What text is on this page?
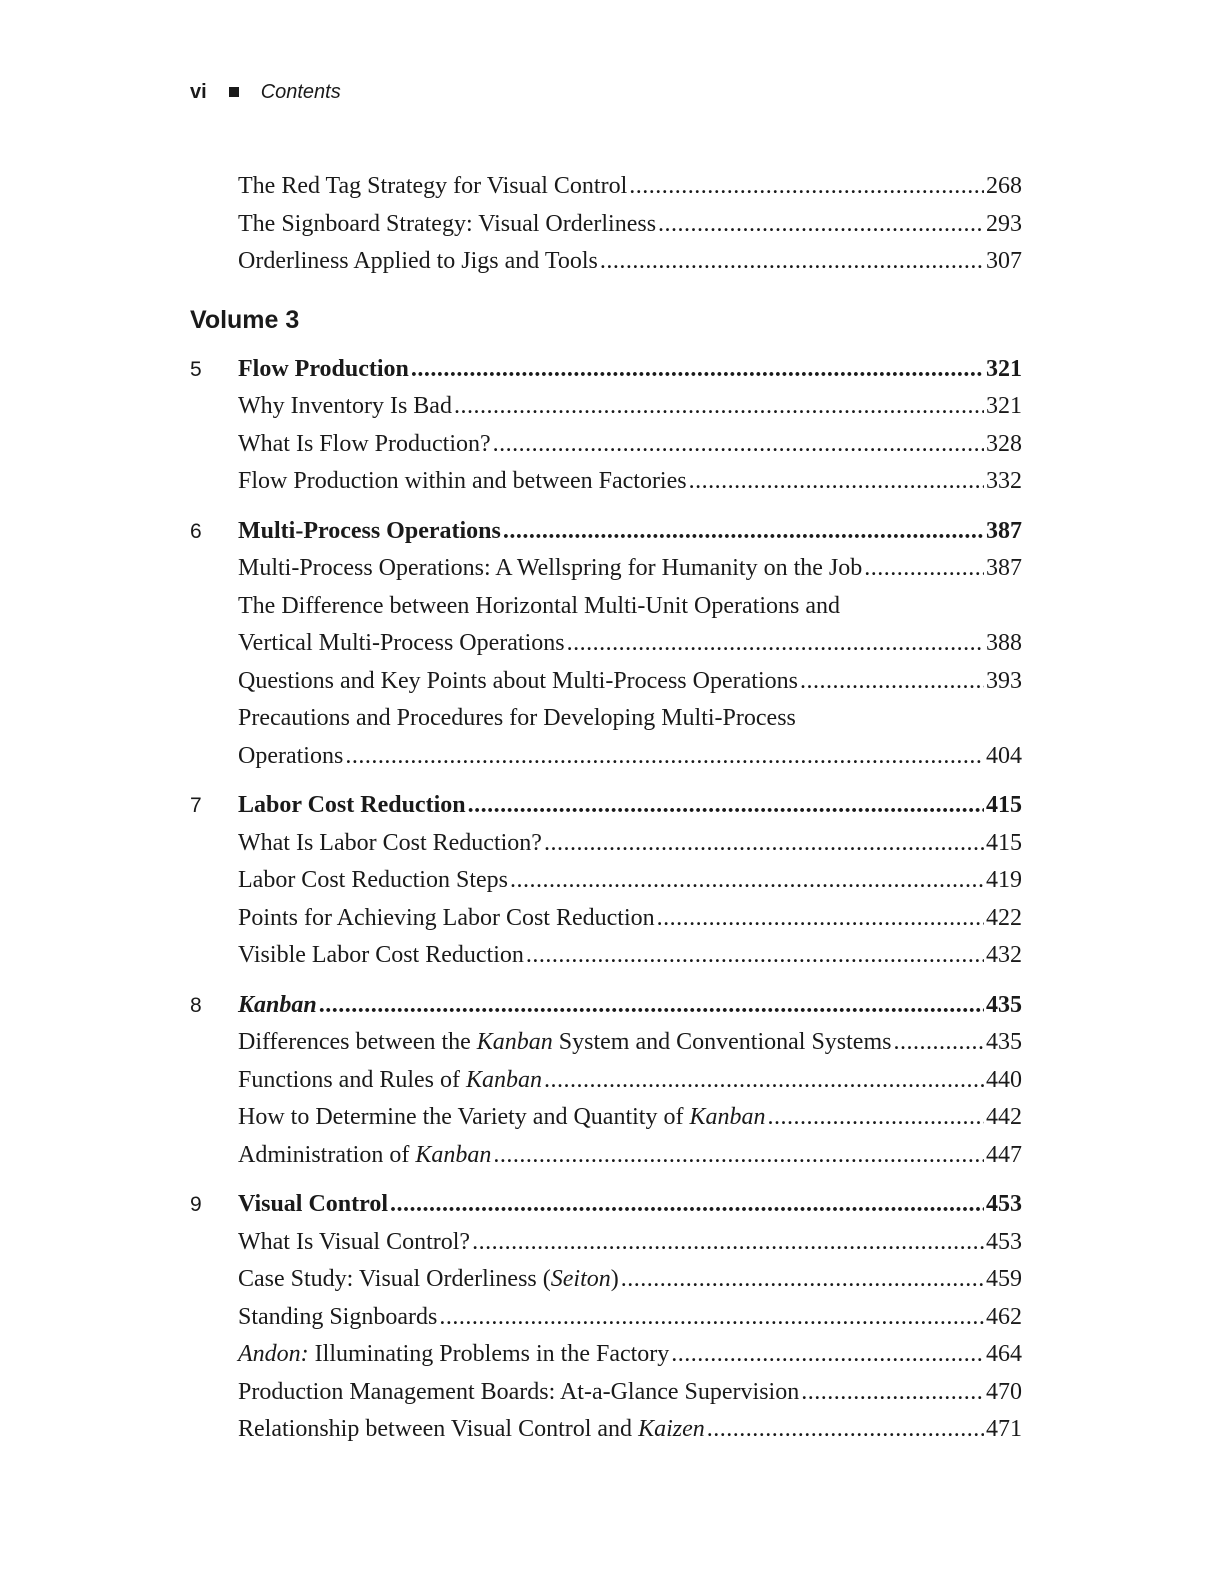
vi	Contents
The Red Tag Strategy for Visual Control .....	268
The Signboard Strategy: Visual Orderliness .....	293
Orderliness Applied to Jigs and Tools .....	307
Volume 3
5	Flow Production .....	321
Why Inventory Is Bad .....	321
What Is Flow Production? .....	328
Flow Production within and between Factories .....	332
6	Multi-Process Operations .....	387
Multi-Process Operations: A Wellspring for Humanity on the Job .....	387
The Difference between Horizontal Multi-Unit Operations and
Vertical Multi-Process Operations .....	388
Questions and Key Points about Multi-Process Operations .....	393
Precautions and Procedures for Developing Multi-Process
Operations .....	404
7	Labor Cost Reduction .....	415
What Is Labor Cost Reduction? .....	415
Labor Cost Reduction Steps .....	419
Points for Achieving Labor Cost Reduction .....	422
Visible Labor Cost Reduction .....	432
8	Kanban .....	435
Differences between the Kanban System and Conventional Systems .....	435
Functions and Rules of Kanban .....	440
How to Determine the Variety and Quantity of Kanban .....	442
Administration of Kanban .....	447
9	Visual Control .....	453
What Is Visual Control? .....	453
Case Study: Visual Orderliness (Seiton) .....	459
Standing Signboards .....	462
Andon: Illuminating Problems in the Factory .....	464
Production Management Boards: At-a-Glance Supervision .....	470
Relationship between Visual Control and Kaizen .....	471
